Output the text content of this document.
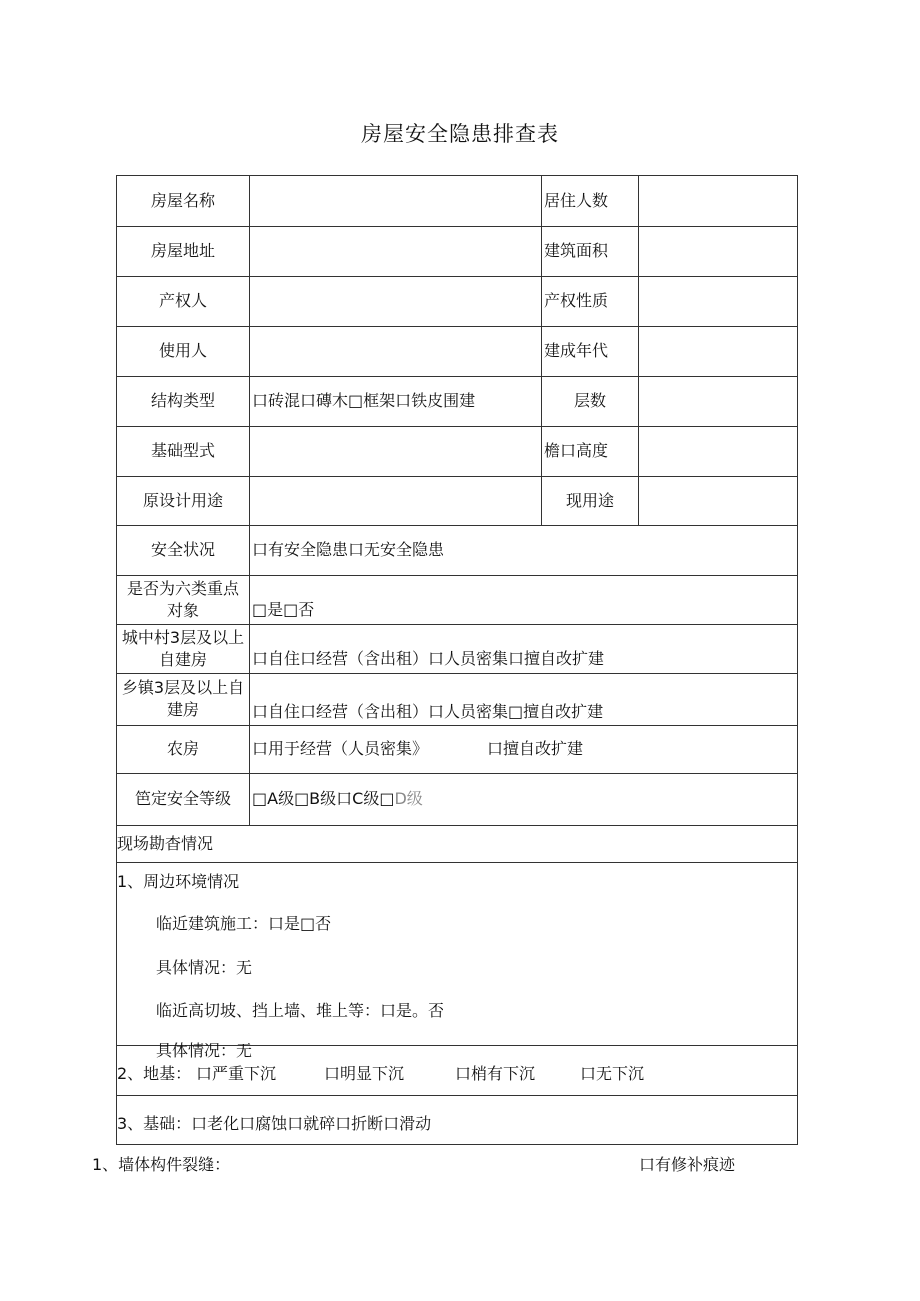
房屋安全隐患排查表
房屋名称	居住人数
房屋地址	建筑面积
产权人	产权性质
使用人	建成年代
结构类型	口砖混口磚木□框架口铁皮围建	层数
基础型式	檐口高度
原设计用途	现用途
安全状况	口有安全隐患口无安全隐患
是否为六类重点
对象	□是□否
城中村3层及以上
自建房	口自住口经营（含出租）口人员密集口擅自改扩建
乡镇3层及以上自
建房	口自住口经营（含出租）口人员密集□擅自改扩建
农房	口用于经营（人员密集》	口擅自改扩建
笆定安全等级	□A级□B级口C级□ D级
现场勘杳情况
1、周边环境情况
临近建筑施工：口是□否
具体情况：无
临近高切坡、挡上墙、堆上等：口是。否
具体情况：无
2、地基： 口严重下沉	口明显下沉	口梢有下沉	口无下沉
3、基础：口老化口腐蚀口就碎口折断口滑动
1、墙体构件裂缝：	口有修补痕迹
